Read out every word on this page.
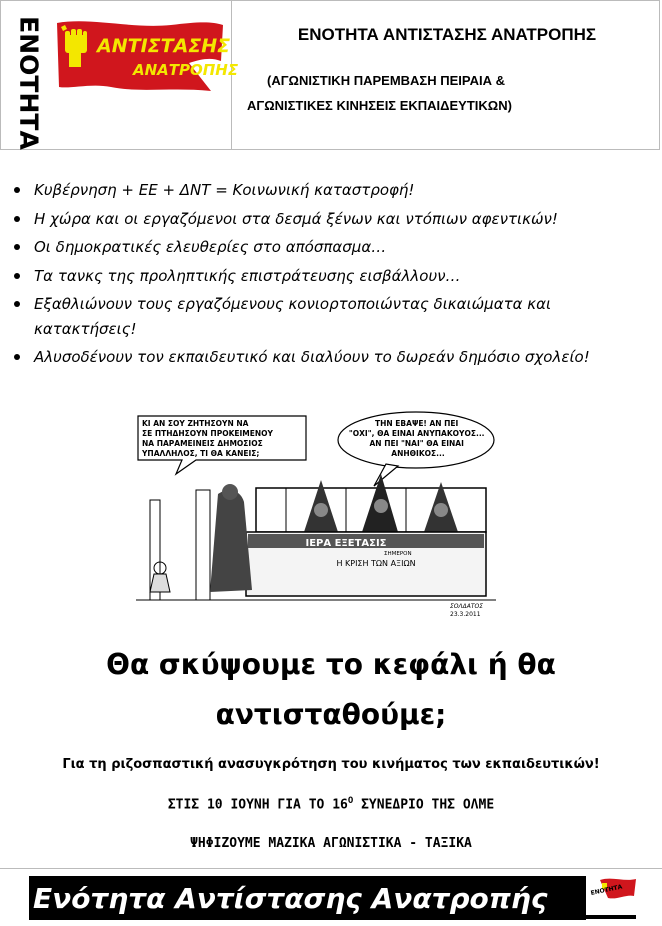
ΕΝΟΤΗΤΑ	ΑΝΤΙΣΤΑΣΗΣ
ΑΝΑΤΡΟΠΗΣ
ΕΝΟΤΗΤΑ ΑΝΤΙΣΤΑΣΗΣ ΑΝΑΤΡΟΠΗΣ
(ΑΓΩΝΙΣΤΙΚΗ ΠΑΡΕΜΒΑΣΗ ΠΕΙΡΑΙΑ &
ΑΓΩΝΙΣΤΙΚΕΣ ΚΙΝΗΣΕΙΣ ΕΚΠΑΙΔΕΥΤΙΚΩΝ)
Κυβέρνηση + ΕΕ + ΔΝΤ = Κοινωνική καταστροφή!
Η χώρα και οι εργαζόμενοι στα δεσμά ξένων και ντόπιων αφεντικών!
Οι δημοκρατικές ελευθερίες στο απόσπασμα…
Τα τανκς της προληπτικής επιστράτευσης εισβάλλουν…
Εξαθλιώνουν τους εργαζόμενους κονιορτοποιώντας δικαιώματα και κατακτήσεις!
Αλυσοδένουν τον εκπαιδευτικό και διαλύουν το δωρεάν δημόσιο σχολείο!
ΚΙ ΑΝ ΣΟΥ ΖΗΤΗΣΟΥΝ ΝΑ ΣΕ ΠΤΗΔΗΣΟΥΝ ΠΡΟΚΕΙΜΕΝΟΥ ΝΑ ΠΑΡΑΜΕΙΝΕΙΣ ΔΗΜΟΣΙΟΣ ΥΠΑΛΛΗΛΟΣ, ΤΙ ΘΑ ΚΑΝΕΙΣ;
ΤΗΝ ΕΒΑΨΕ! ΑΝ ΠΕΙ "ΟΧΙ", ΘΑ ΕΙΝΑΙ ΑΝΥΠΑΚΟΥΟΣ... ΑΝ ΠΕΙ "ΝΑΙ" ΘΑ ΕΙΝΑΙ ΑΝΗΘΙΚΟΣ...
ΙΕΡΑ ΕΞΕΤΑΣΙΣ
ΣΗΜΕΡΟΝ
Η ΚΡΙΣΗ ΤΩΝ ΑΞΙΩΝ
ΣΟΛΔΑΤΟΣ
23.3.2011
Θα σκύψουμε το κεφάλι ή θα
αντισταθούμε;
Για τη ριζοσπαστική ανασυγκρότηση του κινήματος των εκπαιδευτικών!
ΣΤΙΣ 10 ΙΟΥΝΗ ΓΙΑ ΤΟ $16^O$ ΣΥΝΕΔΡΙΟ ΤΗΣ ΟΛΜΕ
ΨΗΦΙΖΟΥΜΕ ΜΑΖΙΚΑ ΑΓΩΝΙΣΤΙΚΑ - ΤΑΞΙΚΑ
Ενότητα Αντίστασης Ανατροπής	ΕΝΟΤΗΤΑ
